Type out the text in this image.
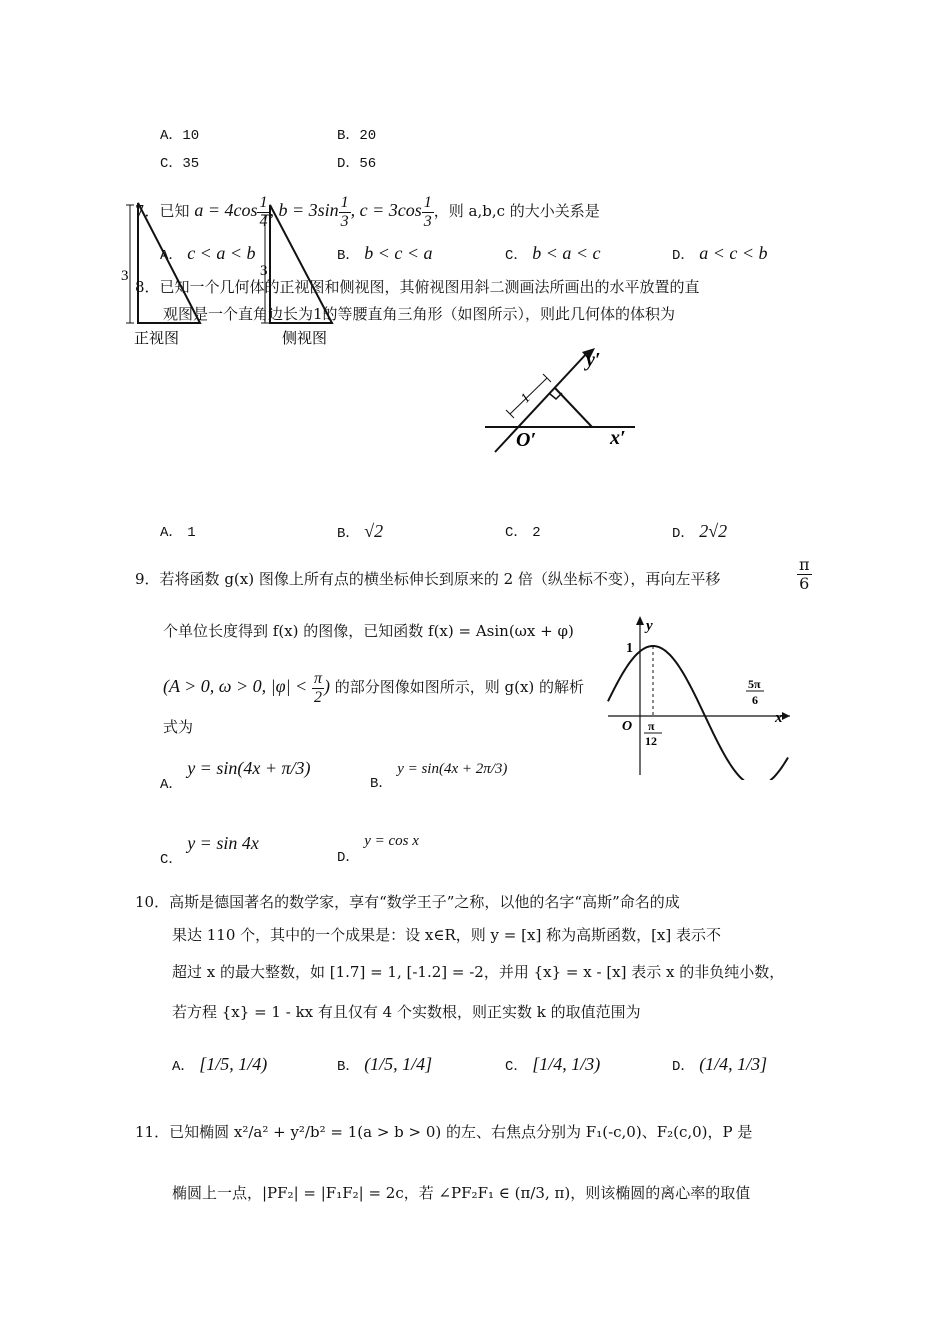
A．10	B．20
C．35	D．56
7．已知 $a = 4\cos \frac{1}{4}$ , $b = 3\sin \frac{1}{3}$ , $c = 3\cos \frac{1}{3}$ ，则 a,b,c 的大小关系是
A． c < a < b	B． b < c < a	C． b < a < c	D． a < c < b
8．已知一个几何体的正视图和侧视图，其俯视图用斜二测画法所画出的水平放置的直
观图是一个直角边长为1的等腰直角三角形（如图所示），则此几何体的体积为
3
正视图
3
侧视图
1
y′
x′
O′
A． 1	B． √2	C． 2	D． 2√2
9．若将函数 g(x) 图像上所有点的横坐标伸长到原来的 2 倍（纵坐标不变），再向左平移	$\frac{\pi}{6}$
个单位长度得到 f(x) 的图像，已知函数 f(x) = Asin(ωx + φ)
(A > 0, ω > 0, $|\varphi| < \frac{\pi}{2}$ ) 的部分图像如图所示，则 g(x) 的解析
式为	O
1
y
x
π
12
5π
6
A． y = sin(4x + π/3)
B． y = sin(4x + 2π/3)
C． y = sin 4x
D． y = cos x
10．高斯是德国著名的数学家，享有“数学王子”之称，以他的名字“高斯”命名的成
果达 110 个，其中的一个成果是：设 x∈R，则 y = [x] 称为高斯函数，[x] 表示不
超过 x 的最大整数，如 [1.7] = 1, [-1.2] = -2，并用 {x} = x - [x] 表示 x 的非负纯小数，
若方程 {x} = 1 - kx 有且仅有 4 个实数根，则正实数 k 的取值范围为
A． [1/5, 1/4)	B． (1/5, 1/4]	C． [1/4, 1/3)	D． (1/4, 1/3]
11．已知椭圆 x²/a² + y²/b² = 1(a > b > 0) 的左、右焦点分别为 F₁(-c,0)、F₂(c,0)，P 是
椭圆上一点，|PF₂| = |F₁F₂| = 2c，若 ∠PF₂F₁ ∈ (π/3, π)，则该椭圆的离心率的取值
